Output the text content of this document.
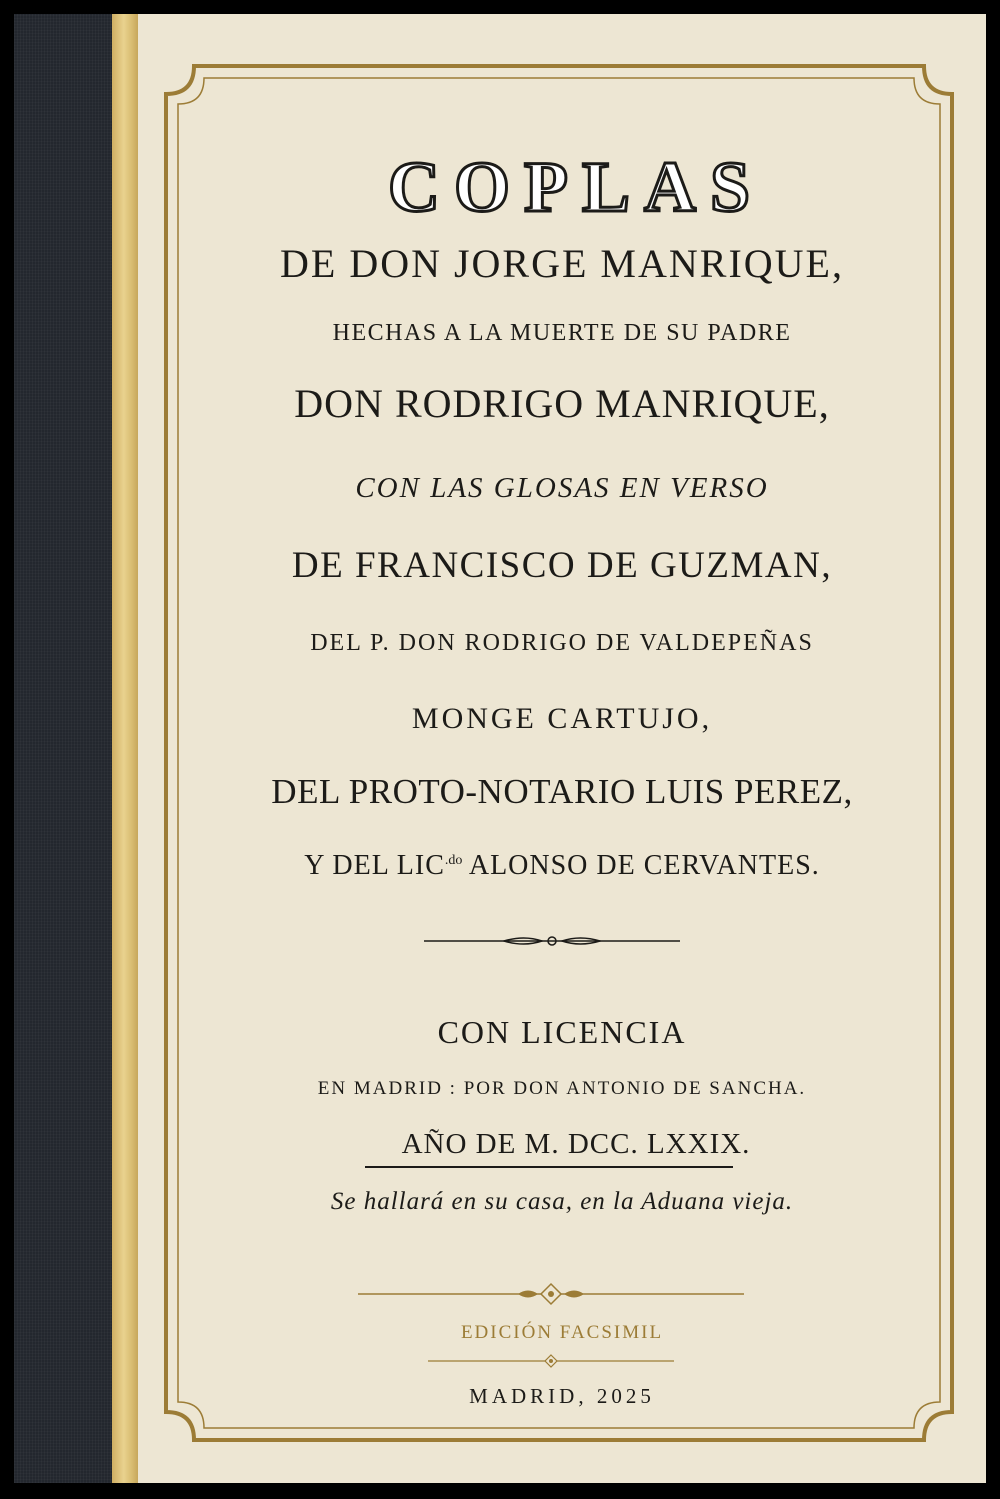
COPLAS
DE DON JORGE MANRIQUE,
HECHAS A LA MUERTE DE SU PADRE
DON RODRIGO MANRIQUE,
CON LAS GLOSAS EN VERSO
DE FRANCISCO DE GUZMAN,
DEL P. DON RODRIGO DE VALDEPEÑAS
MONGE CARTUJO,
DEL PROTO-NOTARIO LUIS PEREZ,
Y DEL $LIC^{.do}$ ALONSO DE CERVANTES.
CON LICENCIA
EN MADRID : POR DON ANTONIO DE SANCHA.
AÑO DE M. DCC. LXXIX.
Se hallará en su casa, en la Aduana vieja.
EDICIÓN FACSIMIL
MADRID, 2025
